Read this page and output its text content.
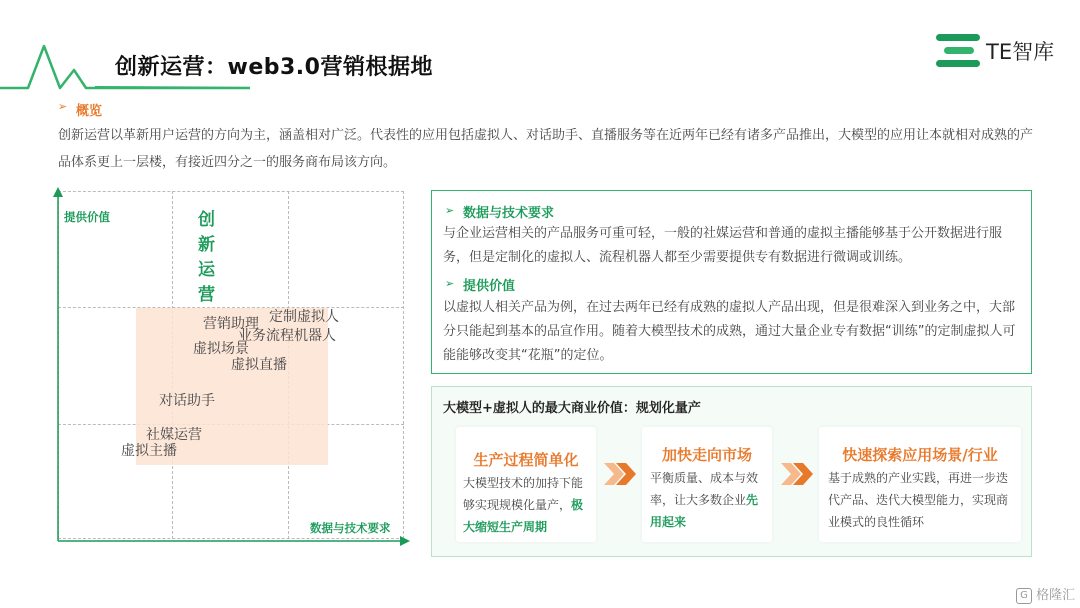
创新运营：web3.0营销根据地
TE智库
➢ 概览
创新运营以革新用户运营的方向为主，涵盖相对广泛。代表性的应用包括虚拟人、对话助手、直播服务等在近两年已经有诸多产品推出，大模型的应用让本就相对成熟的产品体系更上一层楼，有接近四分之一的服务商布局该方向。
提供价值
数据与技术要求
创新运营
营销助理 定制虚拟人
业务流程机器人
虚拟场景
虚拟直播
对话助手
社媒运营
虚拟主播
➢ 数据与技术要求
与企业运营相关的产品服务可重可轻，一般的社媒运营和普通的虚拟主播能够基于公开数据进行服务，但是定制化的虚拟人、流程机器人都至少需要提供专有数据进行微调或训练。
➢ 提供价值
以虚拟人相关产品为例，在过去两年已经有成熟的虚拟人产品出现，但是很难深入到业务之中，大部分只能起到基本的品宣作用。随着大模型技术的成熟，通过大量企业专有数据“训练”的定制虚拟人可能能够改变其“花瓶”的定位。
大模型+虚拟人的最大商业价值：规划化量产
生产过程简单化
大模型技术的加持下能够实现规模化量产，极大缩短生产周期
加快走向市场
平衡质量、成本与效率，让大多数企业先用起来
快速探索应用场景/行业
基于成熟的产业实践，再进一步迭代产品、迭代大模型能力，实现商业模式的良性循环
G 格隆汇
